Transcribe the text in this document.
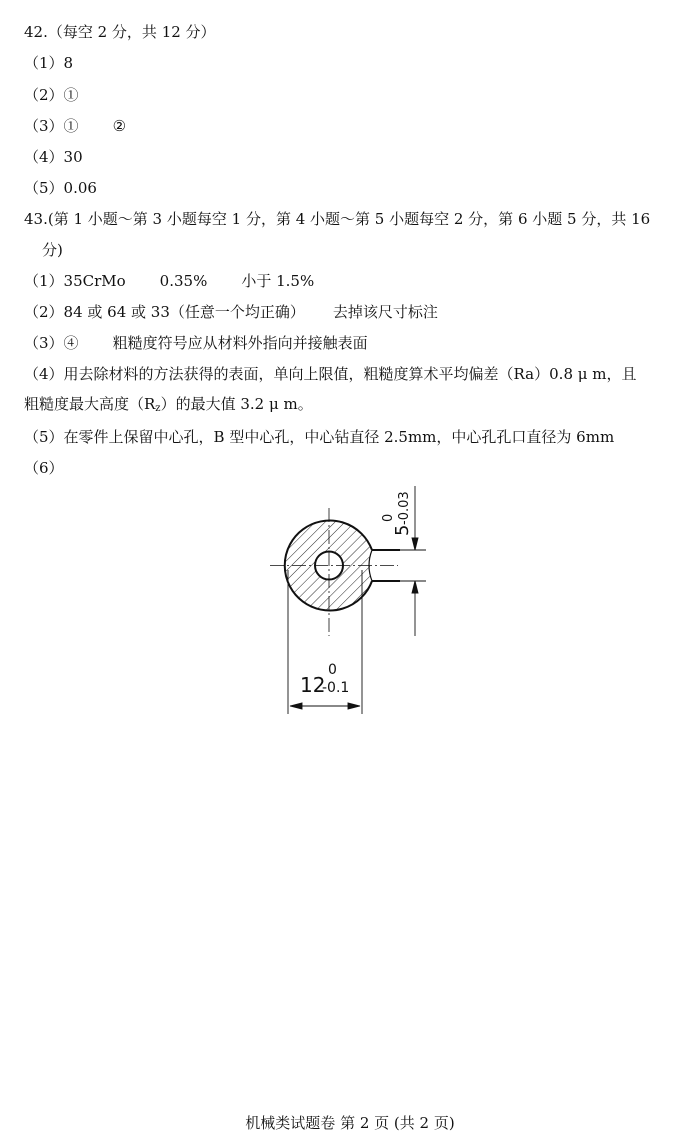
42.（每空 2 分，共 12 分）
（1）8
（2）①
（3）① ②
（4）30
（5）0.06
43.(第 1 小题～第 3 小题每空 1 分，第 4 小题～第 5 小题每空 2 分，第 6 小题 5 分，共 16
分)
（1）35CrMo 0.35% 小于 1.5%
（2）84 或 64 或 33（任意一个均正确） 去掉该尺寸标注
（3）④ 粗糙度符号应从材料外指向并接触表面
（4）用去除材料的方法获得的表面，单向上限值，粗糙度算术平均偏差（Ra）0.8 μ m，且
粗糙度最大高度$(R_z)$的最大值 3.2 μ m。
（5）在零件上保留中心孔，B 型中心孔，中心钻直径 2.5mm，中心孔孔口直径为 6mm
（6）
12
0
-0.1
5
0 -0.03
机械类试题卷 第 2 页 (共 2 页)
